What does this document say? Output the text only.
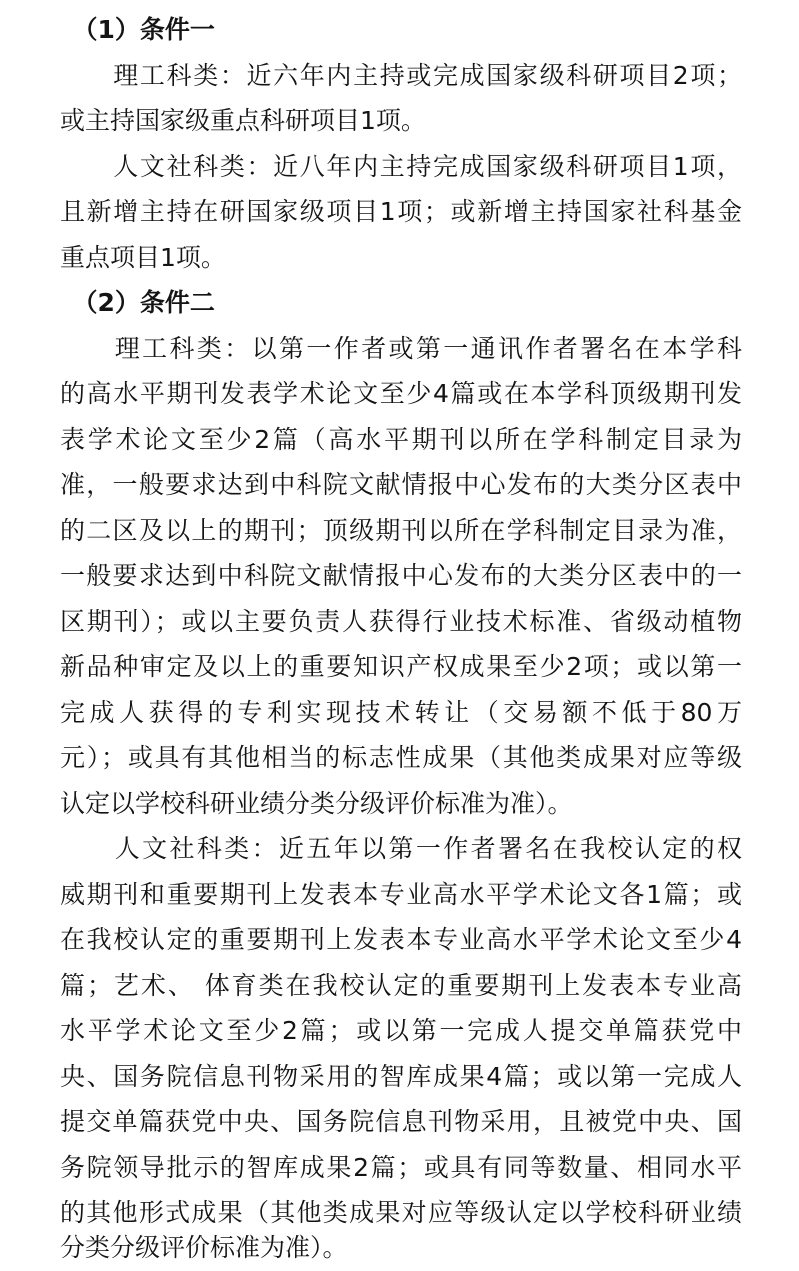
　（1）条件一

　　理工科类：近六年内主持或完成国家级科研项目2项；

或主持国家级重点科研项目1项。

　　人文社科类：近八年内主持完成国家级科研项目1项，

且新增主持在研国家级项目1项；或新增主持国家社科基金

重点项目1项。

　（2）条件二

　　理工科类：以第一作者或第一通讯作者署名在本学科

的高水平期刊发表学术论文至少4篇或在本学科顶级期刊发

表学术论文至少2篇（高水平期刊以所在学科制定目录为

准，一般要求达到中科院文献情报中心发布的大类分区表中

的二区及以上的期刊；顶级期刊以所在学科制定目录为准，

一般要求达到中科院文献情报中心发布的大类分区表中的一

区期刊）；或以主要负责人获得行业技术标准、省级动植物

新品种审定及以上的重要知识产权成果至少2项；或以第一

完成人获得的专利实现技术转让（交易额不低于80万

元）；或具有其他相当的标志性成果（其他类成果对应等级

认定以学校科研业绩分类分级评价标准为准）。

　　人文社科类：近五年以第一作者署名在我校认定的权

威期刊和重要期刊上发表本专业高水平学术论文各1篇；或

在我校认定的重要期刊上发表本专业高水平学术论文至少4

篇；艺术、 体育类在我校认定的重要期刊上发表本专业高

水平学术论文至少2篇；或以第一完成人提交单篇获党中

央、国务院信息刊物采用的智库成果4篇；或以第一完成人

提交单篇获党中央、国务院信息刊物采用，且被党中央、国

务院领导批示的智库成果2篇；或具有同等数量、相同水平

的其他形式成果（其他类成果对应等级认定以学校科研业绩

分类分级评价标准为准）。
